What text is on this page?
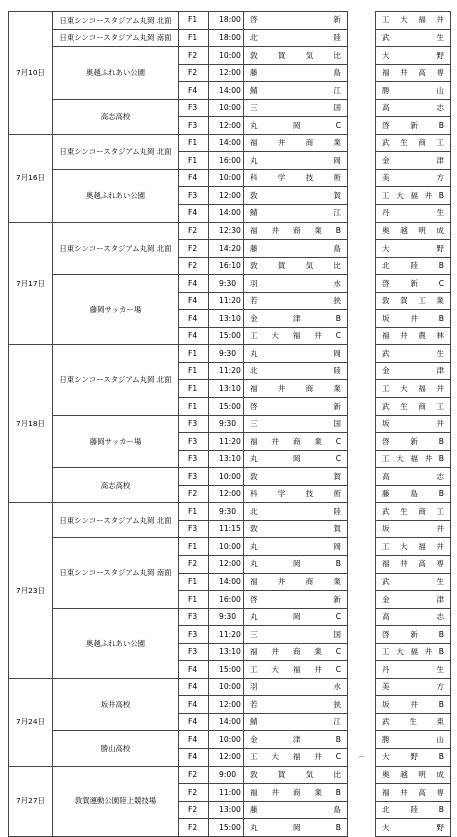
7月10日	日東シンコースタジアム丸岡 北面	F1	18:00	啓 新		工 大 福 井

	日東シンコースタジアム丸岡 南面	F1	18:00	北 陸		武 生

	奥越ふれあい公園	F2	10:00	敦 賀 気 比		大 野

		F2	12:00	藤 島		福 井 高 専

		F4	14:00	鯖 江		勝 山

	高志高校	F3	10:00	三 国		高 志

		F3	12:00	丸 岡 C		啓 新 B

7月16日	日東シンコースタジアム丸岡 北面	F1	14:00	福 井 商 業		武 生 商 工

		F1	16:00	丸 岡		金 津

	奥越ふれあい公園	F4	10:00	科 学 技 術		美 方

		F3	12:00	敦 賀		工 大 福 井 B

		F4	14:00	鯖 江		丹 生

7月17日	日東シンコースタジアム丸岡 北面	F2	12:30	福 井 商 業 B		奥 越 明 成

		F2	14:20	藤 島		大 野

		F2	16:10	敦 賀 気 比		北 陸 B

	藤岡サッカー場	F4	9:30	羽 水		啓 新 C

		F4	11:20	若 狭		敦 賀 工 業

		F4	13:10	金 津 B		坂 井 B

		F4	15:00	工 大 福 井 C		福 井 農 林

7月18日	日東シンコースタジアム丸岡 北面	F1	9:30	丸 岡		武 生

		F1	11:20	北 陸		金 津

		F1	13:10	福 井 商 業		工 大 福 井

		F1	15:00	啓 新		武 生 商 工

	藤岡サッカー場	F3	9:30	三 国		坂 井

		F3	11:20	福 井 商 業 C		啓 新 B

		F3	13:10	丸 岡 C		工 大 福 井 B

	高志高校	F3	10:00	敦 賀		高 志

		F2	12:00	科 学 技 術		藤 島 B

7月23日	日東シンコースタジアム丸岡 北面	F1	9:30	北 陸		武 生 商 工

		F3	11:15	敦 賀		坂 井

	日東シンコースタジアム丸岡 南面	F1	10:00	丸 岡		工 大 福 井

		F2	12:00	丸 岡 B		福 井 高 専

		F1	14:00	福 井 商 業		武 生

		F1	16:00	啓 新		金 津

	奥越ふれあい公園	F3	9:30	丸 岡 C		高 志

		F3	11:20	三 国		啓 新 B

		F3	13:10	福 井 商 業 C		工 大 福 井 B

		F4	15:00	工 大 福 井 C		丹 生

7月24日	坂井高校	F4	10:00	羽 水		美 方

		F4	12:00	若 狭		坂 井 B

		F4	14:00	鯖 江		武 生 東

	勝山高校	F4	10:00	金 津 B		勝 山

		F4	12:00	工 大 福 井 C	—	大 野 B

7月27日	敦賀運動公園陸上競技場	F2	9:00	敦 賀 気 比		奥 越 明 成

		F2	11:00	福 井 商 業 B		福 井 高 専

		F2	13:00	藤 島		北 陸 B

		F2	15:00	丸 岡 B		大 野
